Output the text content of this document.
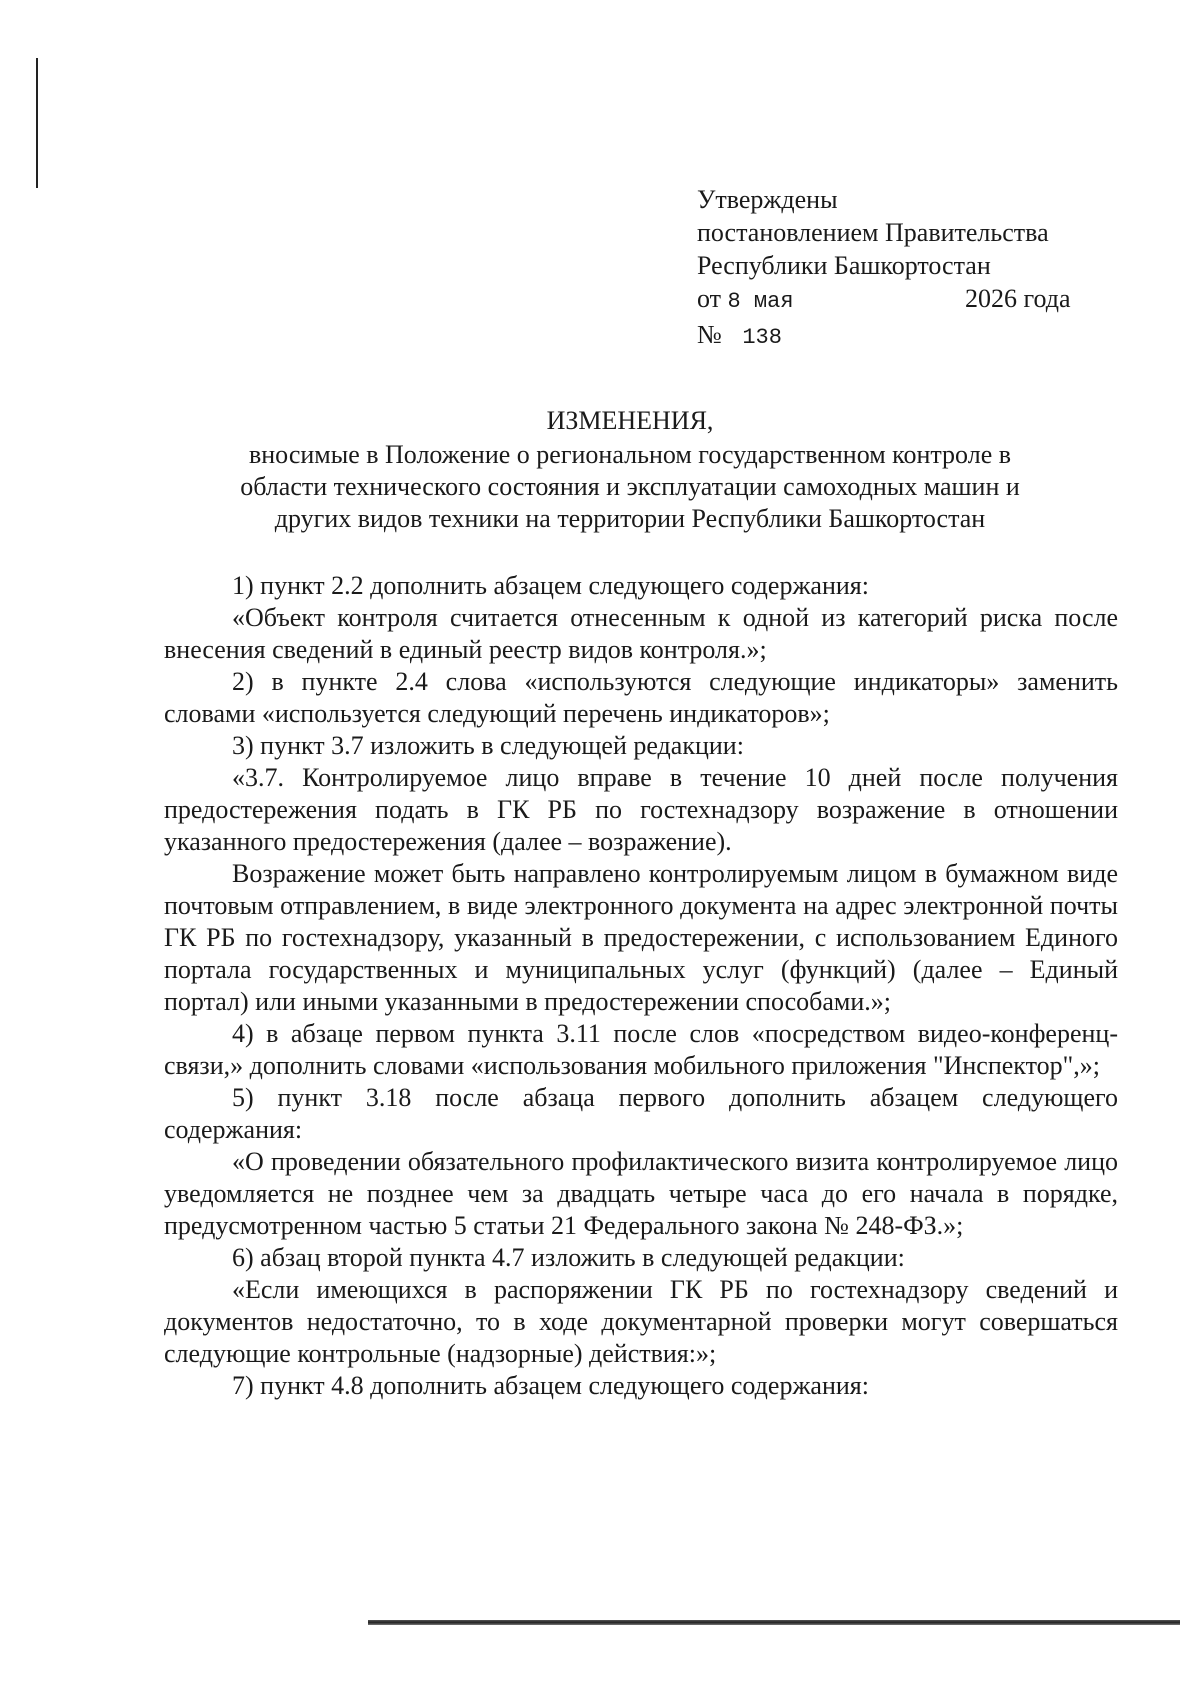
Утверждены
постановлением Правительства
Республики Башкортостан
от 8 мая	2026 года
№ 138
ИЗМЕНЕНИЯ,
вносимые в Положение о региональном государственном контроле в
области технического состояния и эксплуатации самоходных машин и
других видов техники на территории Республики Башкортостан

1) пункт 2.2 дополнить абзацем следующего содержания:

«Объект контроля считается отнесенным к одной из категорий риска после внесения сведений в единый реестр видов контроля.»;

2) в пункте 2.4 слова «используются следующие индикаторы» заменить словами «используется следующий перечень индикаторов»;

3) пункт 3.7 изложить в следующей редакции:

«3.7. Контролируемое лицо вправе в течение 10 дней после получения предостережения подать в ГК РБ по гостехнадзору возражение в отношении указанного предостережения (далее – возражение).

Возражение может быть направлено контролируемым лицом в бумажном виде почтовым отправлением, в виде электронного документа на адрес электронной почты ГК РБ по гостехнадзору, указанный в предостережении, с использованием Единого портала государственных и муниципальных услуг (функций) (далее – Единый портал) или иными указанными в предостережении способами.»;

4) в абзаце первом пункта 3.11 после слов «посредством видео-конференц-связи,» дополнить словами «использования мобильного приложения "Инспектор",»;

5) пункт 3.18 после абзаца первого дополнить абзацем следующего содержания:

«О проведении обязательного профилактического визита контролируемое лицо уведомляется не позднее чем за двадцать четыре часа до его начала в порядке, предусмотренном частью 5 статьи 21 Федерального закона № 248-ФЗ.»;

6) абзац второй пункта 4.7 изложить в следующей редакции:

«Если имеющихся в распоряжении ГК РБ по гостехнадзору сведений и документов недостаточно, то в ходе документарной проверки могут совершаться следующие контрольные (надзорные) действия:»;

7) пункт 4.8 дополнить абзацем следующего содержания:
